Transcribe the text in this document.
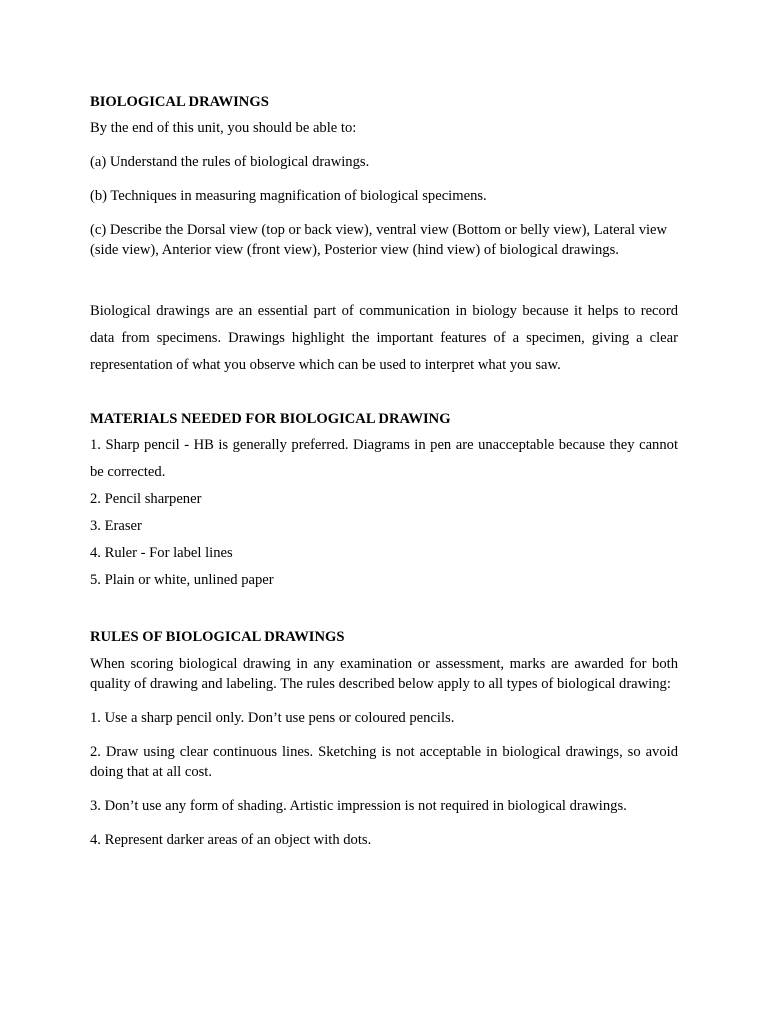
BIOLOGICAL DRAWINGS
By the end of this unit, you should be able to:
(a) Understand the rules of biological drawings.
(b) Techniques in measuring magnification of biological specimens.
(c) Describe the Dorsal view (top or back view), ventral view (Bottom or belly view), Lateral view (side view), Anterior view (front view), Posterior view (hind view) of biological drawings.
Biological drawings are an essential part of communication in biology because it helps to record data from specimens. Drawings highlight the important features of a specimen, giving a clear representation of what you observe which can be used to interpret what you saw.
MATERIALS NEEDED FOR BIOLOGICAL DRAWING
1. Sharp pencil - HB is generally preferred. Diagrams in pen are unacceptable because they cannot be corrected.
2. Pencil sharpener
3. Eraser
4. Ruler - For label lines
5. Plain or white, unlined paper
RULES OF BIOLOGICAL DRAWINGS
When scoring biological drawing in any examination or assessment, marks are awarded for both quality of drawing and labeling. The rules described below apply to all types of biological drawing:
1. Use a sharp pencil only. Don’t use pens or coloured pencils.
2. Draw using clear continuous lines. Sketching is not acceptable in biological drawings, so avoid doing that at all cost.
3. Don’t use any form of shading. Artistic impression is not required in biological drawings.
4. Represent darker areas of an object with dots.
